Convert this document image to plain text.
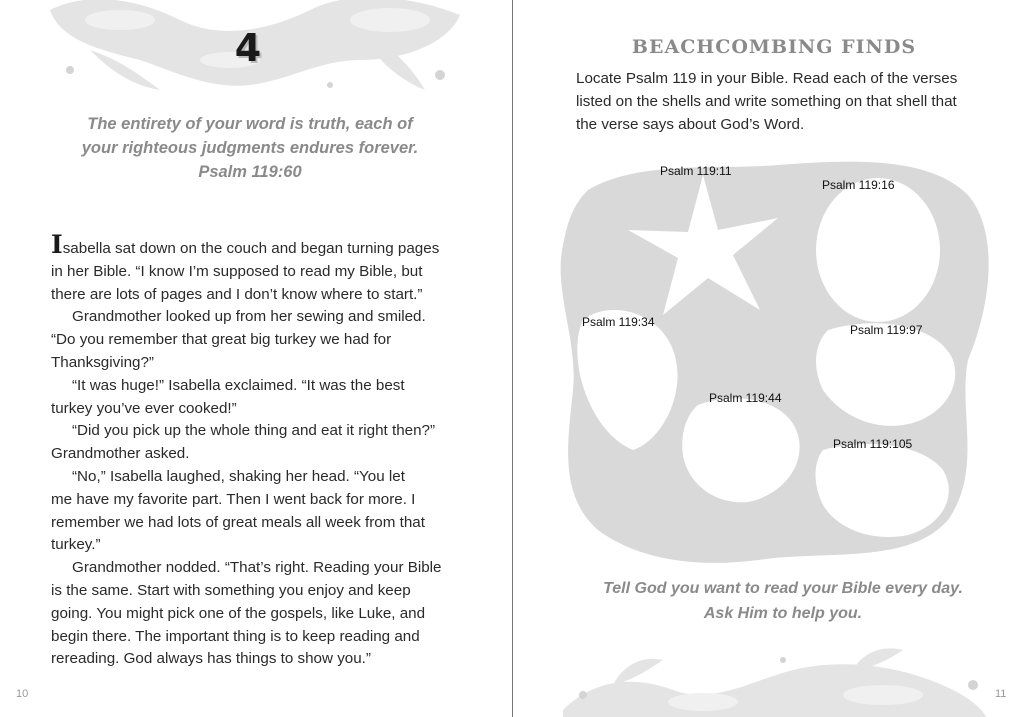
4
The entirety of your word is truth, each of
your righteous judgments endures forever.
Psalm 119:60

Isabella sat down on the couch and began turning pages
in her Bible. “I know I’m supposed to read my Bible, but
there are lots of pages and I don’t know where to start.”

Grandmother looked up from her sewing and smiled.
“Do you remember that great big turkey we had for
Thanksgiving?”

“It was huge!” Isabella exclaimed. “It was the best
turkey you’ve ever cooked!”

“Did you pick up the whole thing and eat it right then?”
Grandmother asked.

“No,” Isabella laughed, shaking her head. “You let
me have my favorite part. Then I went back for more. I
remember we had lots of great meals all week from that
turkey.”

Grandmother nodded. “That’s right. Reading your Bible
is the same. Start with something you enjoy and keep
going. You might pick one of the gospels, like Luke, and
begin there. The important thing is to keep reading and
rereading. God always has things to show you.”

10
BEACHCOMBING FINDS
Locate Psalm 119 in your Bible. Read each of the verses
listed on the shells and write something on that shell that
the verse says about God’s Word.
Psalm 119:11
Psalm 119:16
Psalm 119:34
Psalm 119:97
Psalm 119:44
Psalm 119:105
Tell God you want to read your Bible every day.
Ask Him to help you.
11
